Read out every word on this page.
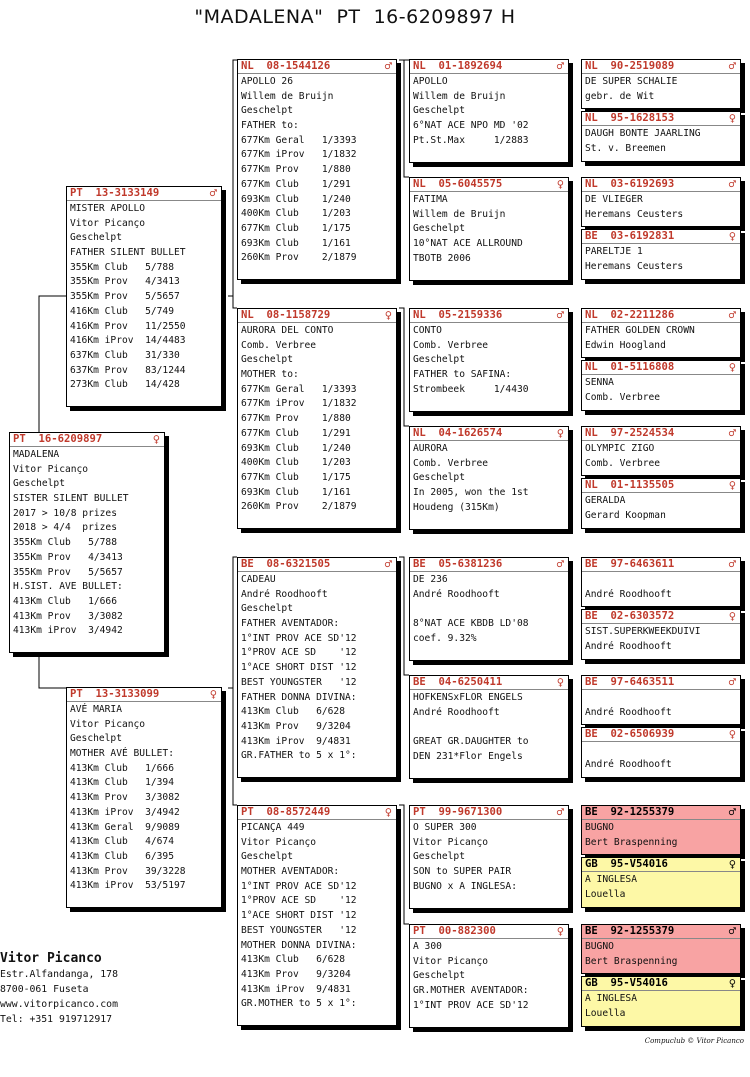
"MADALENA"  PT  16-6209897 H
PT  16-6209897	♀
MADALENA
Vitor Picanço
Geschelpt
SISTER SILENT BULLET
2017 > 10/8 prizes
2018 > 4/4  prizes
355Km Club   5/788
355Km Prov   4/3413
355Km Prov   5/5657
H.SIST. AVE BULLET:
413Km Club   1/666
413Km Prov   3/3082
413Km iProv  3/4942
PT  13-3133149	♂
MISTER APOLLO
Vitor Picanço
Geschelpt
FATHER SILENT BULLET
355Km Club   5/788
355Km Prov   4/3413
355Km Prov   5/5657
416Km Club   5/749
416Km Prov   11/2550
416Km iProv  14/4483
637Km Club   31/330
637Km Prov   83/1244
273Km Club   14/428
PT  13-3133099	♀
AVÉ MARIA
Vitor Picanço
Geschelpt
MOTHER AVÉ BULLET:
413Km Club   1/666
413Km Club   1/394
413Km Prov   3/3082
413Km iProv  3/4942
413Km Geral  9/9089
413Km Club   4/674
413Km Club   6/395
413Km Prov   39/3228
413Km iProv  53/5197
NL  08-1544126	♂
APOLLO 26
Willem de Bruijn
Geschelpt
FATHER to:
677Km Geral   1/3393
677Km iProv   1/1832
677Km Prov    1/880
677Km Club    1/291
693Km Club    1/240
400Km Club    1/203
677Km Club    1/175
693Km Club    1/161
260Km Prov    2/1879
NL  08-1158729	♀
AURORA DEL CONTO
Comb. Verbree
Geschelpt
MOTHER to:
677Km Geral   1/3393
677Km iProv   1/1832
677Km Prov    1/880
677Km Club    1/291
693Km Club    1/240
400Km Club    1/203
677Km Club    1/175
693Km Club    1/161
260Km Prov    2/1879
BE  08-6321505	♂
CADEAU
André Roodhooft
Geschelpt
FATHER AVENTADOR:
1°INT PROV ACE SD'12
1°PROV ACE SD    '12
1°ACE SHORT DIST '12
BEST YOUNGSTER   '12
FATHER DONNA DIVINA:
413Km Club   6/628
413Km Prov   9/3204
413Km iProv  9/4831
GR.FATHER to 5 x 1°:
PT  08-8572449	♀
PICANÇA 449
Vitor Picanço
Geschelpt
MOTHER AVENTADOR:
1°INT PROV ACE SD'12
1°PROV ACE SD    '12
1°ACE SHORT DIST '12
BEST YOUNGSTER   '12
MOTHER DONNA DIVINA:
413Km Club   6/628
413Km Prov   9/3204
413Km iProv  9/4831
GR.MOTHER to 5 x 1°:
NL  01-1892694	♂
APOLLO
Willem de Bruijn
Geschelpt
6°NAT ACE NPO MD '02
Pt.St.Max     1/2883
NL  05-6045575	♀
FATIMA
Willem de Bruijn
Geschelpt
10°NAT ACE ALLROUND
TBOTB 2006
NL  05-2159336	♂
CONTO
Comb. Verbree
Geschelpt
FATHER to SAFINA:
Strombeek     1/4430
NL  04-1626574	♀
AURORA
Comb. Verbree
Geschelpt
In 2005, won the 1st
Houdeng (315Km)
BE  05-6381236	♂
DE 236
André Roodhooft
8°NAT ACE KBDB LD'08
coef. 9.32%
BE  04-6250411	♀
HOFKENSxFLOR ENGELS
André Roodhooft
GREAT GR.DAUGHTER to
DEN 231*Flor Engels
PT  99-9671300	♂
O SUPER 300
Vitor Picanço
Geschelpt
SON to SUPER PAIR
BUGNO x A INGLESA:
PT  00-882300	♀
A 300
Vitor Picanço
Geschelpt
GR.MOTHER AVENTADOR:
1°INT PROV ACE SD'12
NL  90-2519089	♂
DE SUPER SCHALIE
gebr. de Wit
NL  95-1628153	♀
DAUGH BONTE JAARLING
St. v. Breemen
NL  03-6192693	♂
DE VLIEGER
Heremans Ceusters
BE  03-6192831	♀
PARELTJE 1
Heremans Ceusters
NL  02-2211286	♂
FATHER GOLDEN CROWN
Edwin Hoogland
NL  01-5116808	♀
SENNA
Comb. Verbree
NL  97-2524534	♂
OLYMPIC ZIGO
Comb. Verbree
NL  01-1135505	♀
GERALDA
Gerard Koopman
BE  97-6463611	♂
André Roodhooft
BE  02-6303572	♀
SIST.SUPERKWEEKDUIVI
André Roodhooft
BE  97-6463511	♂
André Roodhooft
BE  02-6506939	♀
André Roodhooft
BE  92-1255379	♂
BUGNO
Bert Braspenning
GB  95-V54016	♀
A INGLESA
Louella
BE  92-1255379	♂
BUGNO
Bert Braspenning
GB  95-V54016	♀
A INGLESA
Louella
Vitor Picanco
Estr.Alfandanga, 178
8700-061 Fuseta
www.vitorpicanco.com
Tel: +351 919712917
Compuclub © Vitor Picanco
